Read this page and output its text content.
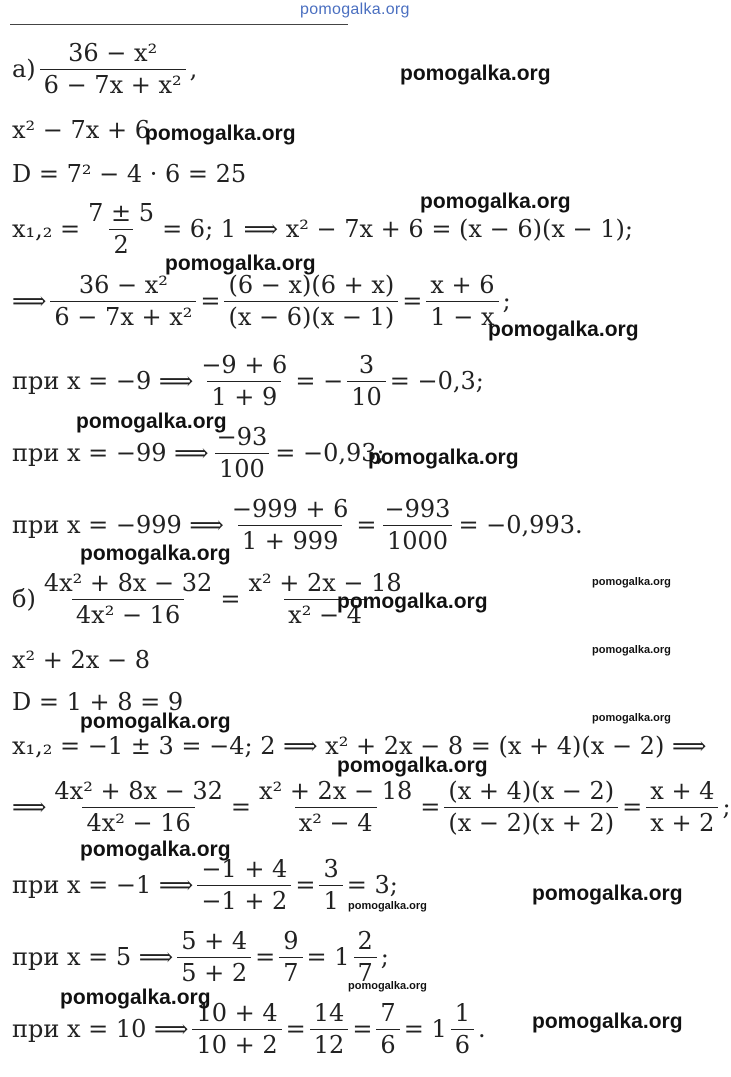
pomogalka.org
$а) \frac{\text{36 − x²}}{\text{6 − 7x + x²}}$ ,
x² − 7x + 6
D = 7² − 4 · 6 = 25
$x_1,_2 = \frac{7 \pm 5}{2} = 6$; 1 ⟹ x² − 7x + 6 = (x − 6)(x − 1);
⟹ $\frac{\text{36 − x²}}{\text{6 − 7x + x²}} = \frac{(6 - x)(6 + x)}{(x - 6)(x - 1)} = \frac{x + 6}{1 - x}$ ;
при x = −9 ⟹ $\frac{-9 + 6}{1 + 9}$ = − $\frac{3}{10} = -0,3$;
при x = −99 ⟹ $\frac{-93}{100} = -0,93$;
при x = −999 ⟹ $\frac{-999 + 6}{1 + 999} = \frac{-993}{1000} = -0,993$.
$б) \frac{\text{4x² + 8x − 32}}{\text{4x² − 16}} = \frac{\text{x² + 2x − 18}}{\text{x² − 4}}$
x² + 2x − 8
D = 1 + 8 = 9
x₁,₂ = −1 ± 3 = −4; 2 ⟹ x² + 2x − 8 = (x + 4)(x − 2) ⟹
⟹ $\frac{\text{4x² + 8x − 32}}{\text{4x² − 16}} = \frac{\text{x² + 2x − 18}}{\text{x² − 4}} = \frac{(x + 4)(x - 2)}{(x - 2)(x + 2)} = \frac{x + 4}{x + 2}$ ;
при x = −1 ⟹ $\frac{-1 + 4}{-1 + 2} = \frac{3}{1} = 3$;
при x = 5 ⟹ $\frac{5 + 4}{5 + 2} = \frac{9}{7} = 1 \frac{2}{7}$ ;
при x = 10 ⟹ $\frac{10 + 4}{10 + 2} = \frac{14}{12} = \frac{7}{6} = 1 \frac{1}{6}$ .
pomogalka.org
pomogalka.org
pomogalka.org
pomogalka.org
pomogalka.org
pomogalka.org
pomogalka.org
pomogalka.org
pomogalka.org
pomogalka.org
pomogalka.org
pomogalka.org	pomogalka.org
pomogalka.org
pomogalka.org
pomogalka.org
pomogalka.org
pomogalka.org
pomogalka.org
pomogalka.org
